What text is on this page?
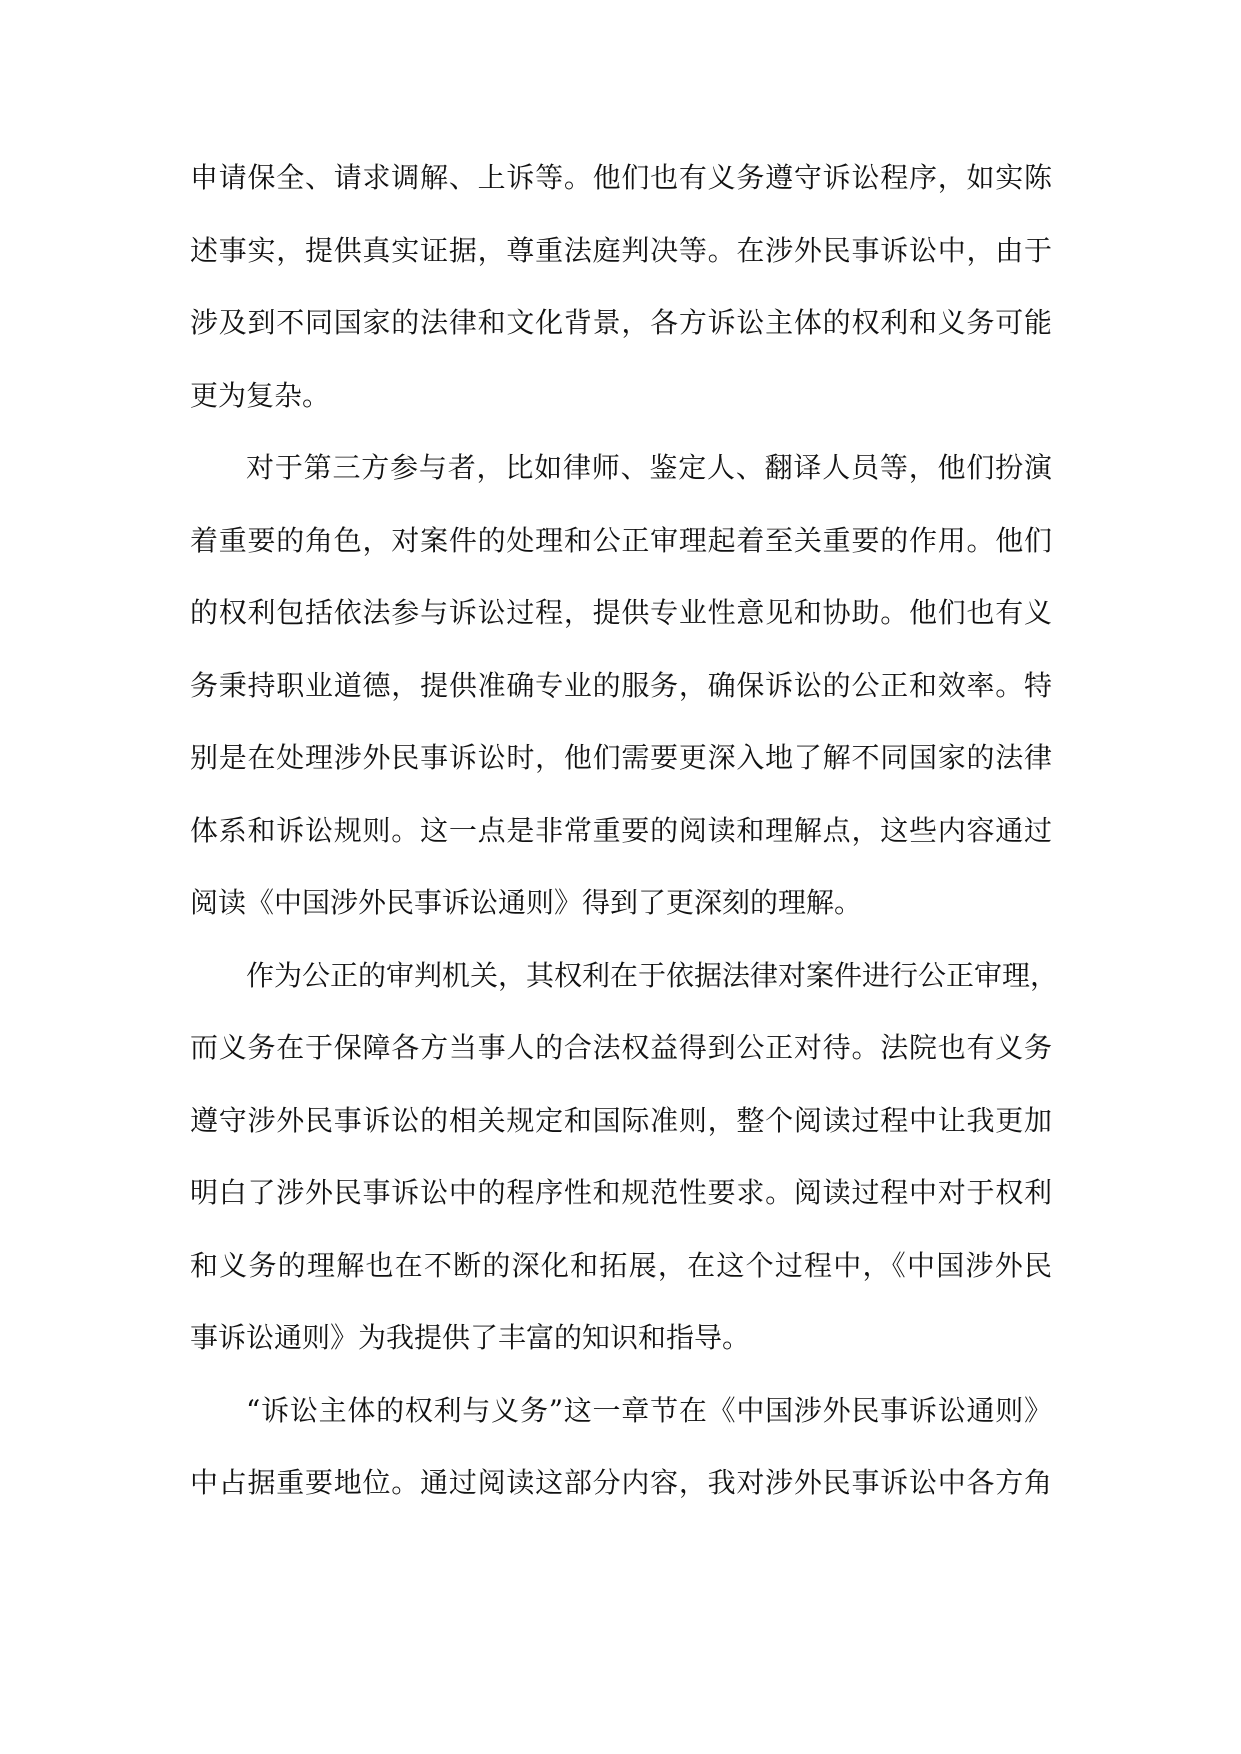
申请保全、请求调解、上诉等。他们也有义务遵守诉讼程序，如实陈
述事实，提供真实证据，尊重法庭判决等。在涉外民事诉讼中，由于
涉及到不同国家的法律和文化背景，各方诉讼主体的权利和义务可能
更为复杂。
对于第三方参与者，比如律师、鉴定人、翻译人员等，他们扮演
着重要的角色，对案件的处理和公正审理起着至关重要的作用。他们
的权利包括依法参与诉讼过程，提供专业性意见和协助。他们也有义
务秉持职业道德，提供准确专业的服务，确保诉讼的公正和效率。特
别是在处理涉外民事诉讼时，他们需要更深入地了解不同国家的法律
体系和诉讼规则。这一点是非常重要的阅读和理解点，这些内容通过
阅读《中国涉外民事诉讼通则》得到了更深刻的理解。
作为公正的审判机关，其权利在于依据法律对案件进行公正审理，
而义务在于保障各方当事人的合法权益得到公正对待。法院也有义务
遵守涉外民事诉讼的相关规定和国际准则，整个阅读过程中让我更加
明白了涉外民事诉讼中的程序性和规范性要求。阅读过程中对于权利
和义务的理解也在不断的深化和拓展，在这个过程中，《中国涉外民
事诉讼通则》为我提供了丰富的知识和指导。
“诉讼主体的权利与义务”这一章节在《中国涉外民事诉讼通则》
中占据重要地位。通过阅读这部分内容，我对涉外民事诉讼中各方角
